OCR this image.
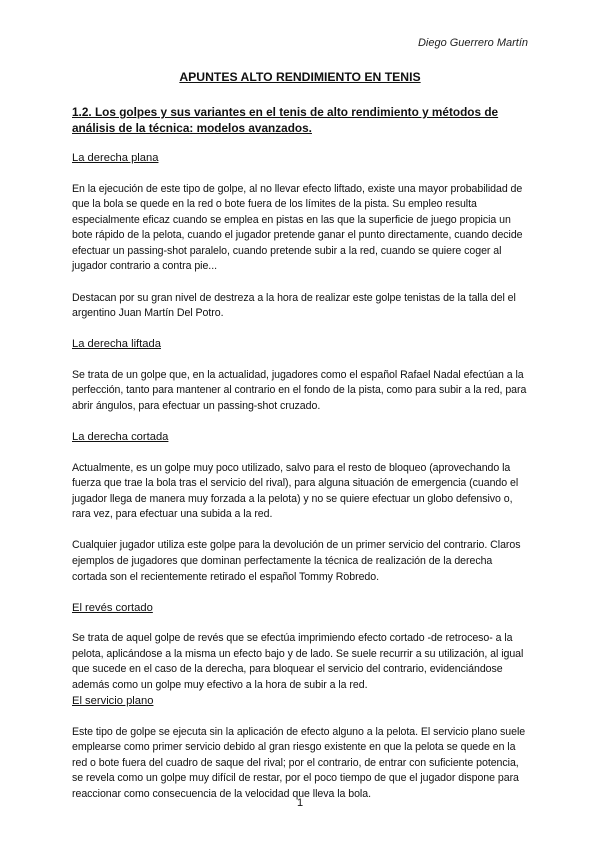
Diego Guerrero Martín
APUNTES ALTO RENDIMIENTO EN TENIS
1.2. Los golpes y sus variantes en el tenis de alto rendimiento y métodos de análisis de la técnica: modelos avanzados.
La derecha plana

En la ejecución de este tipo de golpe, al no llevar efecto liftado, existe una mayor probabilidad de que la bola se quede en la red o bote fuera de los límites de la pista. Su empleo resulta especialmente eficaz cuando se emplea en pistas en las que la superficie de juego propicia un bote rápido de la pelota, cuando el jugador pretende ganar el punto directamente, cuando decide efectuar un passing-shot paralelo, cuando pretende subir a la red, cuando se quiere coger al jugador contrario a contra pie...

Destacan por su gran nivel de destreza a la hora de realizar este golpe tenistas de la talla del el argentino Juan Martín Del Potro.

La derecha liftada

Se trata de un golpe que, en la actualidad, jugadores como el español Rafael Nadal efectúan a la perfección, tanto para mantener al contrario en el fondo de la pista, como para subir a la red, para abrir ángulos, para efectuar un passing-shot cruzado.

La derecha cortada

Actualmente, es un golpe muy poco utilizado, salvo para el resto de bloqueo (aprovechando la fuerza que trae la bola tras el servicio del rival), para alguna situación de emergencia (cuando el jugador llega de manera muy forzada a la pelota) y no se quiere efectuar un globo defensivo o, rara vez, para efectuar una subida a la red.

Cualquier jugador utiliza este golpe para la devolución de un primer servicio del contrario. Claros ejemplos de jugadores que dominan perfectamente la técnica de realización de la derecha cortada son el recientemente retirado el español Tommy Robredo.

El revés cortado

Se trata de aquel golpe de revés que se efectúa imprimiendo efecto cortado -de retroceso- a la pelota, aplicándose a la misma un efecto bajo y de lado. Se suele recurrir a su utilización, al igual que sucede en el caso de la derecha, para bloquear el servicio del contrario, evidenciándose además como un golpe muy efectivo a la hora de subir a la red.

El servicio plano

Este tipo de golpe se ejecuta sin la aplicación de efecto alguno a la pelota. El servicio plano suele emplearse como primer servicio debido al gran riesgo existente en que la pelota se quede en la red o bote fuera del cuadro de saque del rival; por el contrario, de entrar con suficiente potencia, se revela como un golpe muy difícil de restar, por el poco tiempo de que el jugador dispone para reaccionar como consecuencia de la velocidad que lleva la bola.

1
